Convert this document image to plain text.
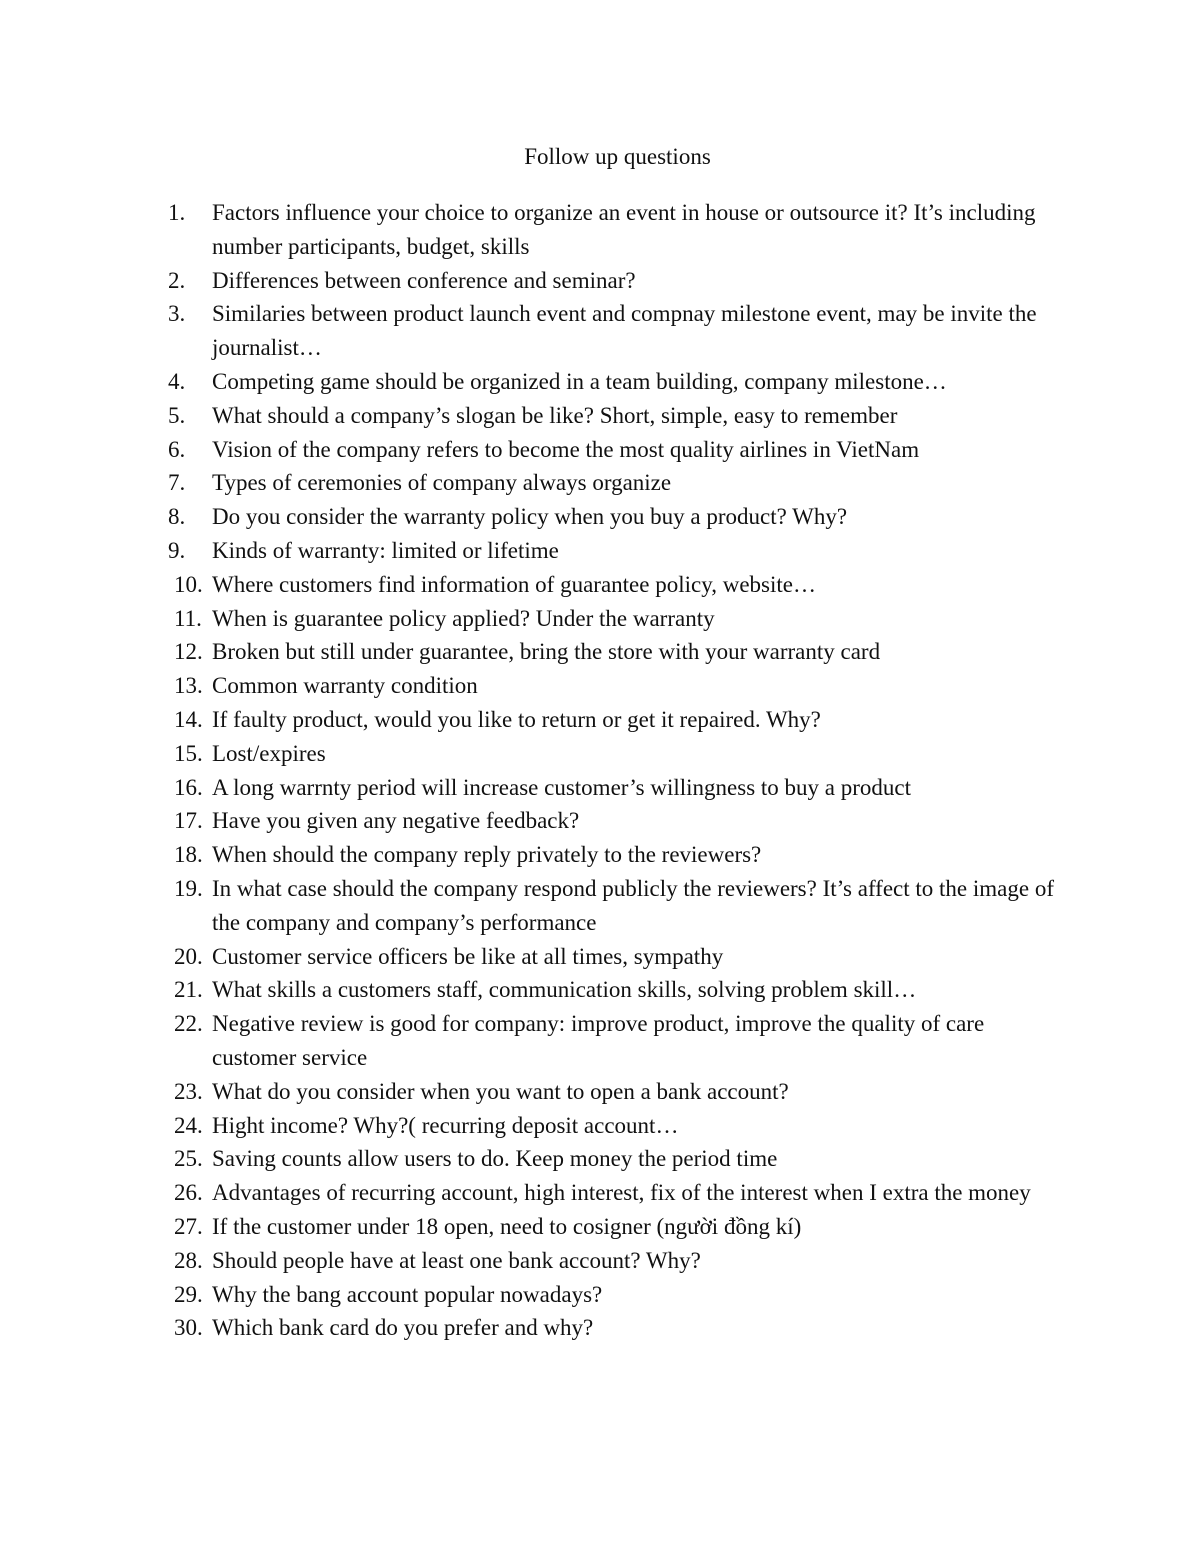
Follow up questions
1.	Factors influence your choice to organize an event in house or outsource it? It’s including number participants, budget, skills
2.	Differences between conference and seminar?
3.	Similaries between product launch event and compnay milestone event, may be invite the journalist…
4.	Competing game should be organized in a team building, company milestone…
5.	What should a company’s slogan be like? Short, simple, easy to remember
6.	Vision of the company refers to become the most quality airlines in VietNam
7.	Types of ceremonies of company always organize
8.	Do you consider the warranty policy when you buy a product? Why?
9.	Kinds of warranty: limited or lifetime
10. Where customers find information of guarantee policy, website…
11. When is guarantee policy applied? Under the warranty
12. Broken but still under guarantee, bring the store with your warranty card
13. Common warranty condition
14. If faulty product, would you like to return or get it repaired. Why?
15. Lost/expires
16. A long warrnty period will increase customer’s willingness to buy a product
17. Have you given any negative feedback?
18. When should the company reply privately to the reviewers?
19. In what case should the company respond publicly the reviewers? It’s affect to the image of the company and company’s performance
20. Customer service officers be like at all times, sympathy
21. What skills a customers staff, communication skills, solving problem skill…
22. Negative review is good for company: improve product, improve the quality of care customer service
23. What do you consider when you want to open a bank account?
24. Hight income? Why?( recurring deposit account…
25. Saving counts allow users to do. Keep money the period time
26. Advantages of recurring account, high interest, fix of the interest when I extra the money
27. If the customer under 18 open, need to cosigner (người đồng kí)
28. Should people have at least one bank account? Why?
29. Why the bang account popular nowadays?
30. Which bank card do you prefer and why?
